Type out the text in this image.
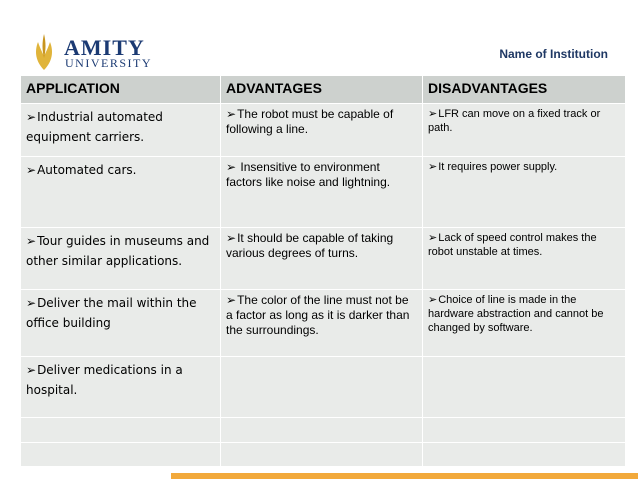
AMITY
UNIVERSITY
Name of Institution
APPLICATION	ADVANTAGES	DISADVANTAGES
➢Industrial automated equipment carriers.	➢The robot must be capable of following a line.	➢LFR can move on a fixed track or path.
➢Automated cars.	➢ Insensitive to environment factors like noise and lightning.	➢It requires power supply.
➢Tour guides in museums and other similar applications.	➢It should be capable of taking various degrees of turns.	➢Lack of speed control makes the robot unstable at times.
➢Deliver the mail within the office building	➢The color of the line must not be a factor as long as it is darker than the surroundings.	➢Choice of line is made in the hardware abstraction and cannot be changed by software.
➢Deliver medications in a hospital.		
